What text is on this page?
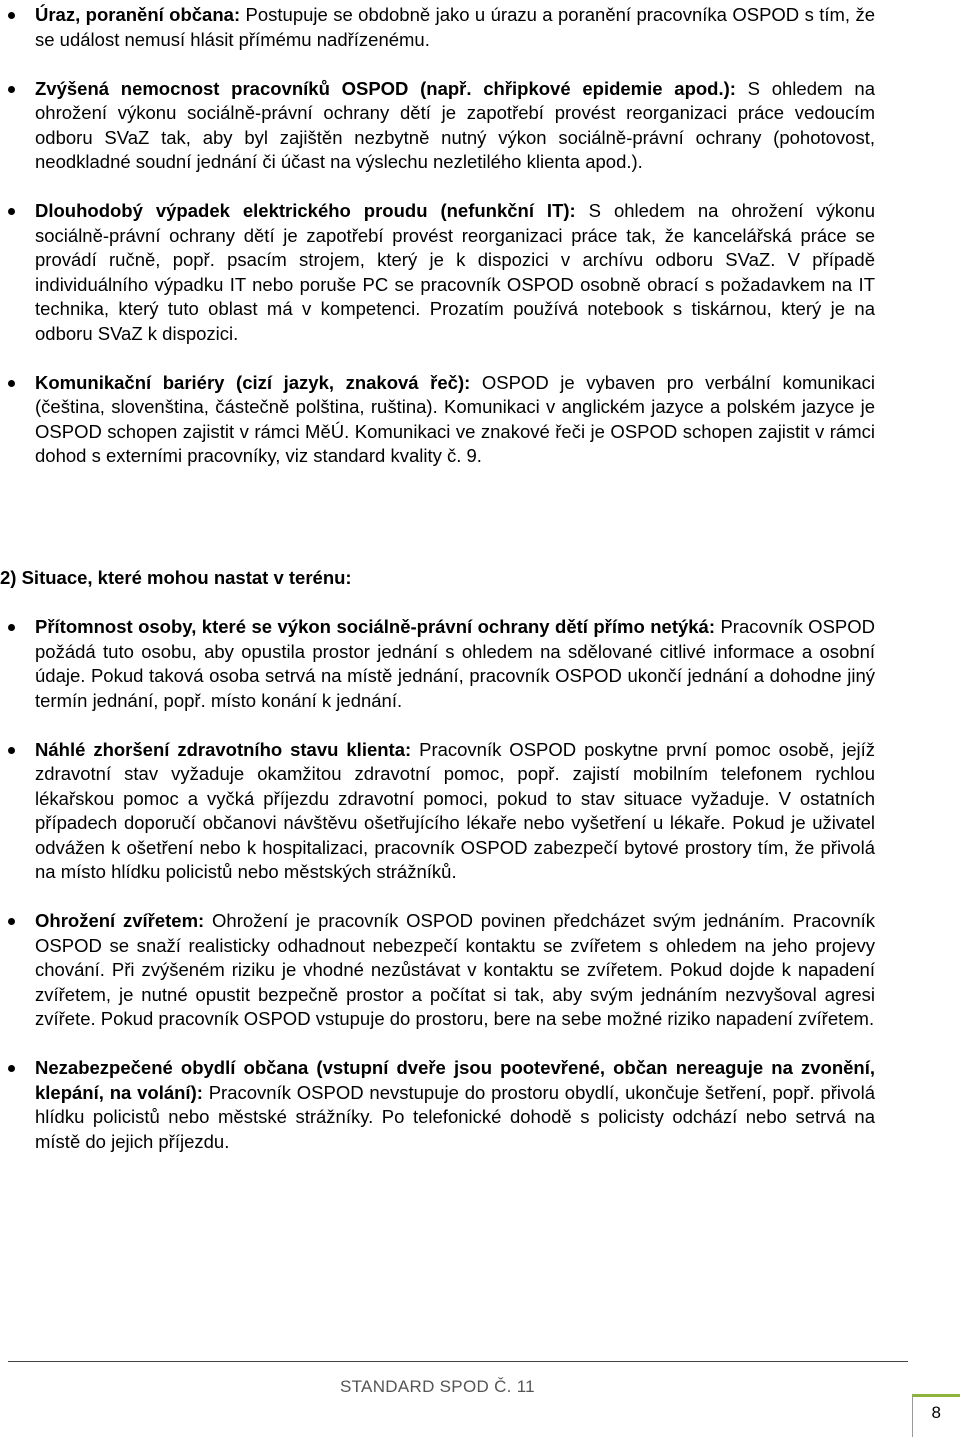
Úraz, poranění občana: Postupuje se obdobně jako u úrazu a poranění pracovníka OSPOD s tím, že se událost nemusí hlásit přímému nadřízenému.
Zvýšená nemocnost pracovníků OSPOD (např. chřipkové epidemie apod.): S ohledem na ohrožení výkonu sociálně-právní ochrany dětí je zapotřebí provést reorganizaci práce vedoucím odboru SVaZ tak, aby byl zajištěn nezbytně nutný výkon sociálně-právní ochrany (pohotovost, neodkladné soudní jednání či účast na výslechu nezletilého klienta apod.).
Dlouhodobý výpadek elektrického proudu (nefunkční IT): S ohledem na ohrožení výkonu sociálně-právní ochrany dětí je zapotřebí provést reorganizaci práce tak, že kancelářská práce se provádí ručně, popř. psacím strojem, který je k dispozici v archívu odboru SVaZ. V případě individuálního výpadku IT nebo poruše PC se pracovník OSPOD osobně obrací s požadavkem na IT technika, který tuto oblast má v kompetenci. Prozatím používá notebook s tiskárnou, který je na odboru SVaZ k dispozici.
Komunikační bariéry (cizí jazyk, znaková řeč): OSPOD je vybaven pro verbální komunikaci (čeština, slovenština, částečně polština, ruština). Komunikaci v anglickém jazyce a polském jazyce je OSPOD schopen zajistit v rámci MěÚ. Komunikaci ve znakové řeči je OSPOD schopen zajistit v rámci dohod s externími pracovníky, viz standard kvality č. 9.
2) Situace, které mohou nastat v terénu:
Přítomnost osoby, které se výkon sociálně-právní ochrany dětí přímo netýká: Pracovník OSPOD požádá tuto osobu, aby opustila prostor jednání s ohledem na sdělované citlivé informace a osobní údaje. Pokud taková osoba setrvá na místě jednání, pracovník OSPOD ukončí jednání a dohodne jiný termín jednání, popř. místo konání k jednání.
Náhlé zhoršení zdravotního stavu klienta: Pracovník OSPOD poskytne první pomoc osobě, jejíž zdravotní stav vyžaduje okamžitou zdravotní pomoc, popř. zajistí mobilním telefonem rychlou lékařskou pomoc a vyčká příjezdu zdravotní pomoci, pokud to stav situace vyžaduje. V ostatních případech doporučí občanovi návštěvu ošetřujícího lékaře nebo vyšetření u lékaře. Pokud je uživatel odvážen k ošetření nebo k hospitalizaci, pracovník OSPOD zabezpečí bytové prostory tím, že přivolá na místo hlídku policistů nebo městských strážníků.
Ohrožení zvířetem: Ohrožení je pracovník OSPOD povinen předcházet svým jednáním. Pracovník OSPOD se snaží realisticky odhadnout nebezpečí kontaktu se zvířetem s ohledem na jeho projevy chování. Při zvýšeném riziku je vhodné nezůstávat v kontaktu se zvířetem. Pokud dojde k napadení zvířetem, je nutné opustit bezpečně prostor a počítat si tak, aby svým jednáním nezvyšoval agresi zvířete. Pokud pracovník OSPOD vstupuje do prostoru, bere na sebe možné riziko napadení zvířetem.
Nezabezpečené obydlí občana (vstupní dveře jsou pootevřené, občan nereaguje na zvonění, klepání, na volání): Pracovník OSPOD nevstupuje do prostoru obydlí, ukončuje šetření, popř. přivolá hlídku policistů nebo městské strážníky. Po telefonické dohodě s policisty odchází nebo setrvá na místě do jejich příjezdu.
STANDARD SPOD Č. 11
8
